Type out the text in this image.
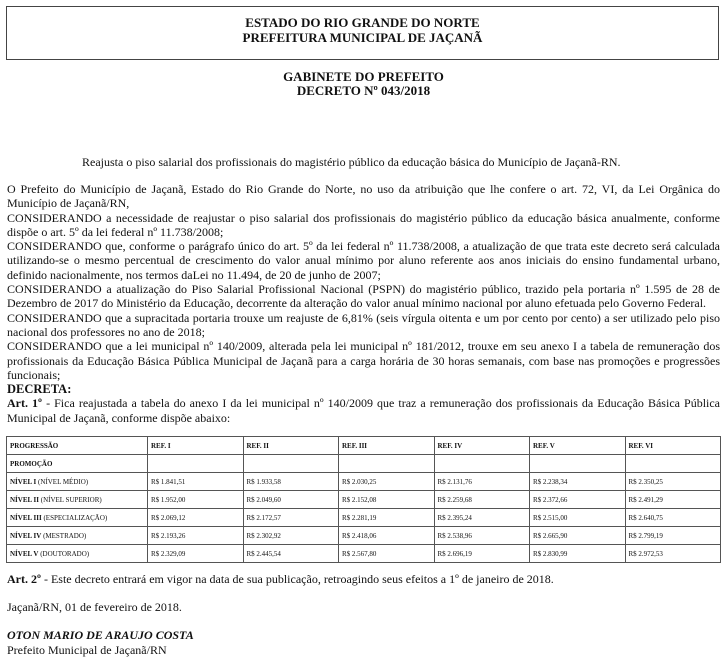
ESTADO DO RIO GRANDE DO NORTE
PREFEITURA MUNICIPAL DE JAÇANÃ
GABINETE DO PREFEITO
DECRETO Nº 043/2018
Reajusta o piso salarial dos profissionais do magistério público da educação básica do Município de Jaçanã-RN.

O Prefeito do Município de Jaçanã, Estado do Rio Grande do Norte, no uso da atribuição que lhe confere o art. 72, VI, da Lei Orgânica do Município de Jaçanã/RN,

CONSIDERANDO a necessidade de reajustar o piso salarial dos profissionais do magistério público da educação básica anualmente, conforme dispõe o art. 5º da lei federal nº 11.738/2008;

CONSIDERANDO que, conforme o parágrafo único do art. 5º da lei federal nº 11.738/2008, a atualização de que trata este decreto será calculada utilizando-se o mesmo percentual de crescimento do valor anual mínimo por aluno referente aos anos iniciais do ensino fundamental urbano, definido nacionalmente, nos termos daLei no 11.494, de 20 de junho de 2007;

CONSIDERANDO a atualização do Piso Salarial Profissional Nacional (PSPN) do magistério público, trazido pela portaria nº 1.595 de 28 de Dezembro de 2017 do Ministério da Educação, decorrente da alteração do valor anual mínimo nacional por aluno efetuada pelo Governo Federal.

CONSIDERANDO que a supracitada portaria trouxe um reajuste de 6,81% (seis vírgula oitenta e um por cento por cento) a ser utilizado pelo piso nacional dos professores no ano de 2018;

CONSIDERANDO que a lei municipal nº 140/2009, alterada pela lei municipal nº 181/2012, trouxe em seu anexo I a tabela de remuneração dos profissionais da Educação Básica Pública Municipal de Jaçanã para a carga horária de 30 horas semanais, com base nas promoções e progressões funcionais;

DECRETA:

Art. 1º - Fica reajustada a tabela do anexo I da lei municipal nº 140/2009 que traz a remuneração dos profissionais da Educação Básica Pública Municipal de Jaçanã, conforme dispõe abaixo:

PROGRESSÃO	REF. I	REF. II	REF. III	REF. IV	REF. V	REF. VI
PROMOÇÃO						
NÍVEL I (NÍVEL MÉDIO)	R$ 1.841,51	R$ 1.933,58	R$ 2.030,25	R$ 2.131,76	R$ 2.238,34	R$ 2.350,25
NÍVEL II (NÍVEL SUPERIOR)	R$ 1.952,00	R$ 2.049,60	R$ 2.152,08	R$ 2.259,68	R$ 2.372,66	R$ 2.491,29
NÍVEL III (ESPECIALIZAÇÃO)	R$ 2.069,12	R$ 2.172,57	R$ 2.281,19	R$ 2.395,24	R$ 2.515,00	R$ 2.640,75
NÍVEL IV (MESTRADO)	R$ 2.193,26	R$ 2.302,92	R$ 2.418,06	R$ 2.538,96	R$ 2.665,90	R$ 2.799,19
NÍVEL V (DOUTORADO)	R$ 2.329,09	R$ 2.445,54	R$ 2.567,80	R$ 2.696,19	R$ 2.830,99	R$ 2.972,53
Art. 2º - Este decreto entrará em vigor na data de sua publicação, retroagindo seus efeitos a 1º de janeiro de 2018.
Jaçanã/RN, 01 de fevereiro de 2018.
OTON MARIO DE ARAUJO COSTA
Prefeito Municipal de Jaçanã/RN
